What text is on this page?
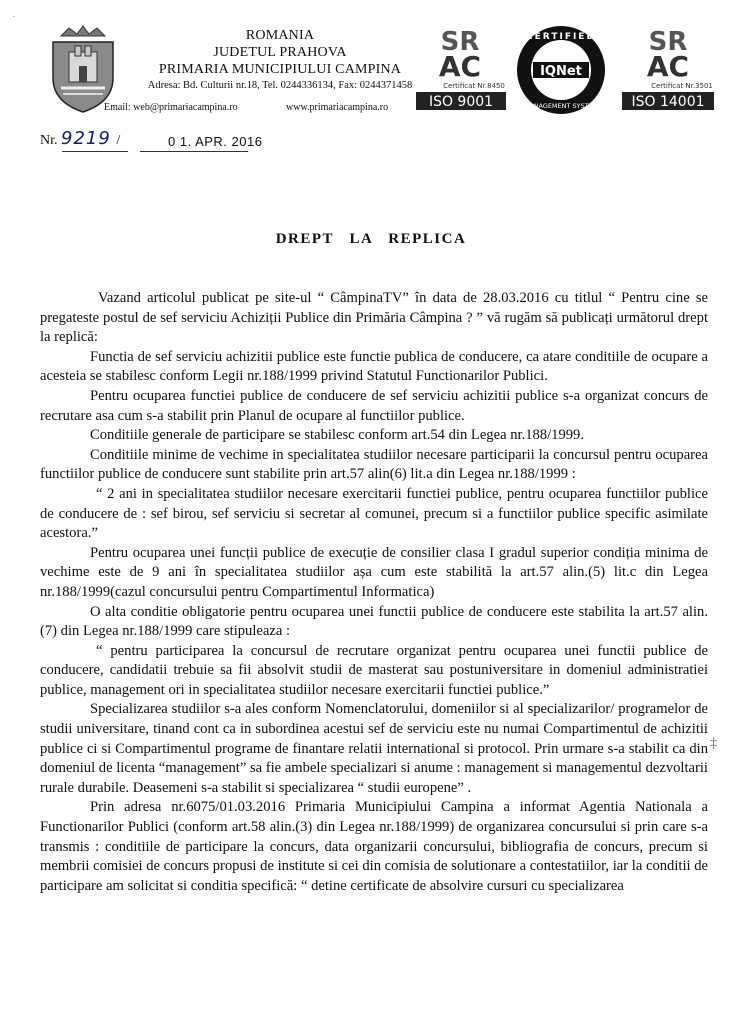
ROMANIA
JUDETUL PRAHOVA
PRIMARIA MUNICIPIULUI CAMPINA
Adresa: Bd. Culturii nr.18, Tel. 0244336134, Fax: 0244371458
Email: web@primariacampina.ro	www.primariacampina.ro
SR
AC
Certificat Nr.8450
ISO 9001
CERTIFIED
IQNet
MANAGEMENT SYSTEM
SR
AC
Certificat Nr.3501
ISO 14001
Nr. 9219 /	0 1. APR. 2016
DREPT   LA   REPLICA

Vazand articolul publicat pe site-ul “ CâmpinaTV” în data de 28.03.2016 cu titlul “ Pentru cine se pregateste postul de sef serviciu Achiziții Publice din Primăria Câmpina ? ” vă rugăm să publicați următorul drept la replică:

Functia de sef serviciu achizitii publice este functie publica de conducere, ca atare conditiile de ocupare a acesteia se stabilesc conform Legii nr.188/1999 privind Statutul Functionarilor Publici.

Pentru ocuparea functiei publice de conducere de sef serviciu achizitii publice s-a organizat concurs de recrutare asa cum s-a stabilit prin Planul de ocupare al functiilor publice.

Conditiile generale de participare se stabilesc conform art.54 din Legea nr.188/1999.

Conditiile minime de vechime in specialitatea studiilor necesare participarii la concursul pentru ocuparea functiilor publice de conducere sunt stabilite prin art.57 alin(6) lit.a din Legea nr.188/1999 :

“ 2 ani in specialitatea studiilor necesare exercitarii functiei publice, pentru ocuparea functiilor publice de conducere de : sef birou, sef serviciu si secretar al comunei, precum si a functiilor publice specific asimilate acestora.”

Pentru ocuparea unei funcții publice de execuție de consilier clasa I gradul superior condiția minima de vechime este de 9 ani în specialitatea studiilor așa cum este stabilită la art.57 alin.(5) lit.c din Legea nr.188/1999(cazul concursului pentru Compartimentul Informatica)

O alta conditie obligatorie pentru ocuparea unei functii publice de conducere este stabilita la art.57 alin. (7) din Legea nr.188/1999 care stipuleaza :

“ pentru participarea la concursul de recrutare organizat pentru ocuparea unei functii publice de conducere, candidatii trebuie sa fii absolvit studii de masterat sau postuniversitare in domeniul administratiei publice, management ori in specialitatea studiilor necesare exercitarii functiei publice.”

Specializarea studiilor s-a ales conform Nomenclatorului, domeniilor si al specializarilor/ programelor de studii universitare, tinand cont ca in subordinea acestui sef de serviciu este nu numai Compartimentul de achizitii publice ci si Compartimentul programe de finantare relatii international si protocol. Prin urmare s-a stabilit ca din domeniul de licenta “management” sa fie ambele specializari si anume : management si managementul dezvoltarii rurale durabile. Deasemeni s-a stabilit si specializarea “ studii europene” .

Prin adresa nr.6075/01.03.2016 Primaria Municipiului Campina a informat Agentia Nationala a Functionarilor Publici (conform art.58 alin.(3) din Legea nr.188/1999) de organizarea concursului si prin care s-a transmis : conditiile de participare la concurs, data organizarii concursului, bibliografia de concurs, precum si membrii comisiei de concurs propusi de institute si cei din comisia de solutionare a contestatiilor, iar la conditii de participare am solicitat si conditia specifică: “ detine certificate de absolvire cursuri cu specializarea

‡
·
